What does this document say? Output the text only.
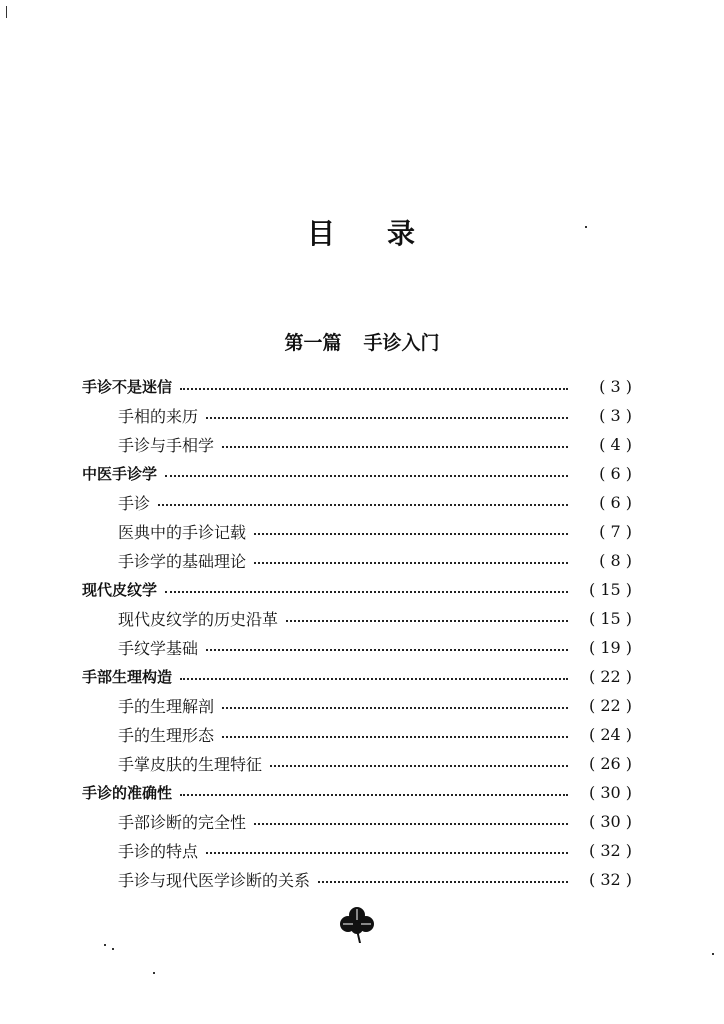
目 录
第一篇 手诊入门
手诊不是迷信	( 3 )
手相的来历	( 3 )
手诊与手相学	( 4 )
中医手诊学	( 6 )
手诊	( 6 )
医典中的手诊记载	( 7 )
手诊学的基础理论	( 8 )
现代皮纹学	( 15 )
现代皮纹学的历史沿革	( 15 )
手纹学基础	( 19 )
手部生理构造	( 22 )
手的生理解剖	( 22 )
手的生理形态	( 24 )
手掌皮肤的生理特征	( 26 )
手诊的准确性	( 30 )
手部诊断的完全性	( 30 )
手诊的特点	( 32 )
手诊与现代医学诊断的关系	( 32 )
